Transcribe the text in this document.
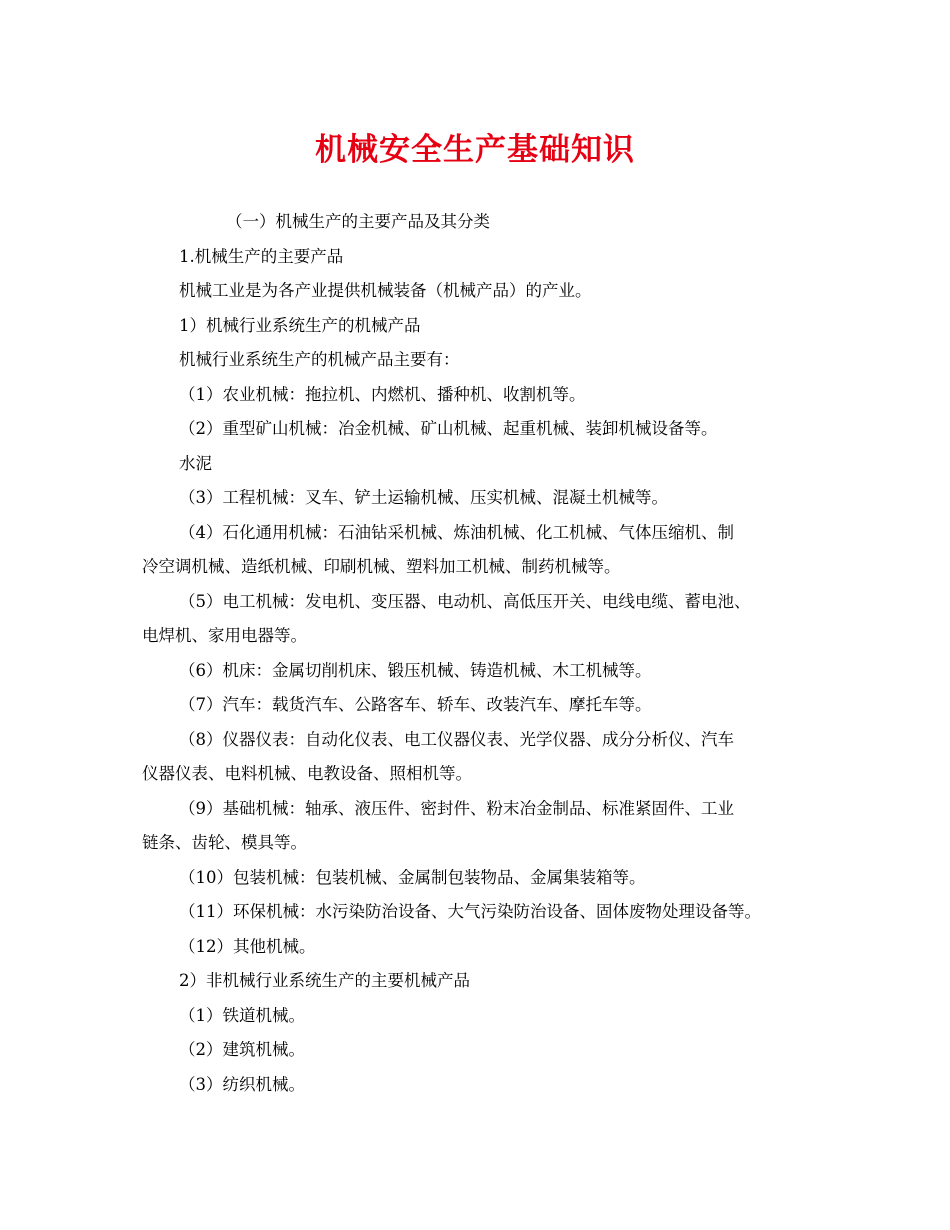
机械安全生产基础知识

（一）机械生产的主要产品及其分类

1.机械生产的主要产品

机械工业是为各产业提供机械装备（机械产品）的产业。

1）机械行业系统生产的机械产品

机械行业系统生产的机械产品主要有：

（1）农业机械：拖拉机、内燃机、播种机、收割机等。

（2）重型矿山机械：冶金机械、矿山机械、起重机械、装卸机械设备等。

水泥

（3）工程机械：叉车、铲土运输机械、压实机械、混凝土机械等。

（4）石化通用机械：石油钻采机械、炼油机械、化工机械、气体压缩机、制

冷空调机械、造纸机械、印刷机械、塑料加工机械、制药机械等。

（5）电工机械：发电机、变压器、电动机、高低压开关、电线电缆、蓄电池、

电焊机、家用电器等。

（6）机床：金属切削机床、锻压机械、铸造机械、木工机械等。

（7）汽车：载货汽车、公路客车、轿车、改装汽车、摩托车等。

（8）仪器仪表：自动化仪表、电工仪器仪表、光学仪器、成分分析仪、汽车

仪器仪表、电料机械、电教设备、照相机等。

（9）基础机械：轴承、液压件、密封件、粉末冶金制品、标准紧固件、工业

链条、齿轮、模具等。

（10）包装机械：包装机械、金属制包装物品、金属集装箱等。

（11）环保机械：水污染防治设备、大气污染防治设备、固体废物处理设备等。

（12）其他机械。

2）非机械行业系统生产的主要机械产品

（1）铁道机械。

（2）建筑机械。

（3）纺织机械。
